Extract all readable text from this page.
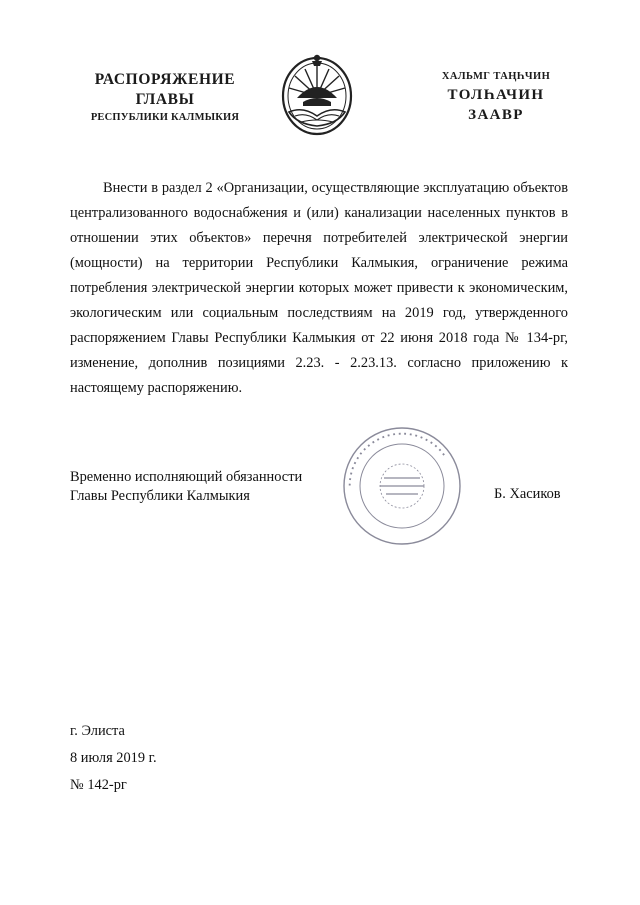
РАСПОРЯЖЕНИЕ
ГЛАВЫ
РЕСПУБЛИКИ КАЛМЫКИЯ
ХАЛЬМГ ТАҢҺЧИН
ТОЛҺАЧИН
ЗААВР
Внести в раздел 2 «Организации, осуществляющие эксплуатацию объектов централизованного водоснабжения и (или) канализации населенных пунктов в отношении этих объектов» перечня потребителей электрической энергии (мощности) на территории Республики Калмыкия, ограничение режима потребления электрической энергии которых может привести к экономическим, экологическим или социальным последствиям на 2019 год, утвержденного распоряжением Главы Республики Калмыкия от 22 июня 2018 года № 134-рг, изменение, дополнив позициями 2.23. - 2.23.13. согласно приложению к настоящему распоряжению.
Временно исполняющий обязанности
Главы Республики Калмыкия
▪ ▪ ▪ ▪ ▪ ▪ ▪ ▪ ▪ ▪ ▪ ▪ ▪ ▪ ▪ ▪ ▪ ▪ ▪ ▪ ▪ ▪ ▪ ▪
Б. Хасиков
г. Элиста
8 июля 2019 г.
№ 142-рг
